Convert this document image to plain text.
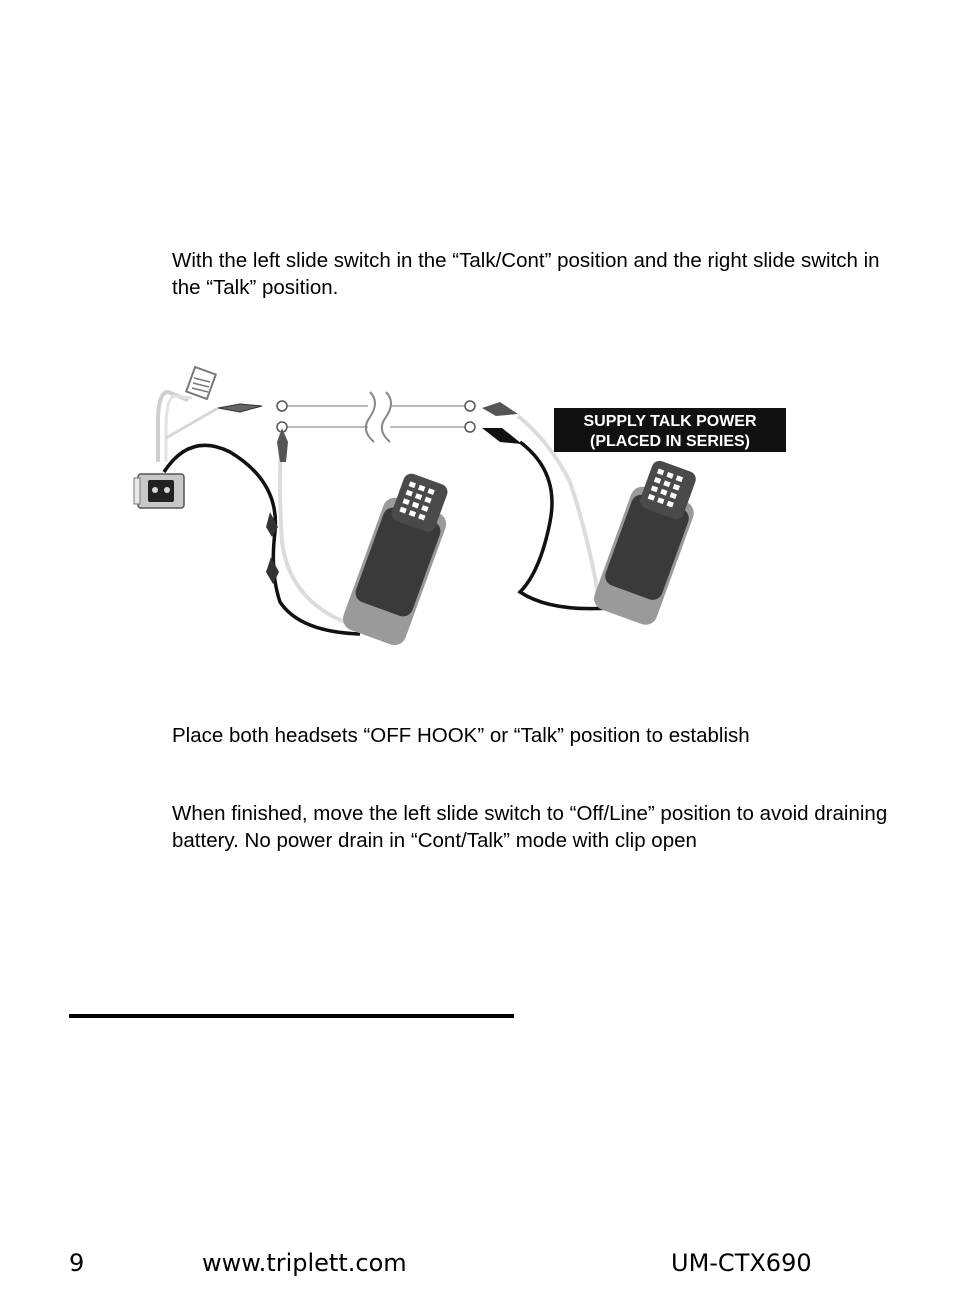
With the left slide switch in the “Talk/Cont” position and the right slide switch in the “Talk” position.

SUPPLY TALK POWER
(PLACED IN SERIES)

Place both headsets “OFF HOOK” or “Talk” position to establish

When finished, move the left slide switch to “Off/Line” position to avoid draining battery. No power drain in “Cont/Talk” mode with clip open

9	www.triplett.com	UM-CTX690
